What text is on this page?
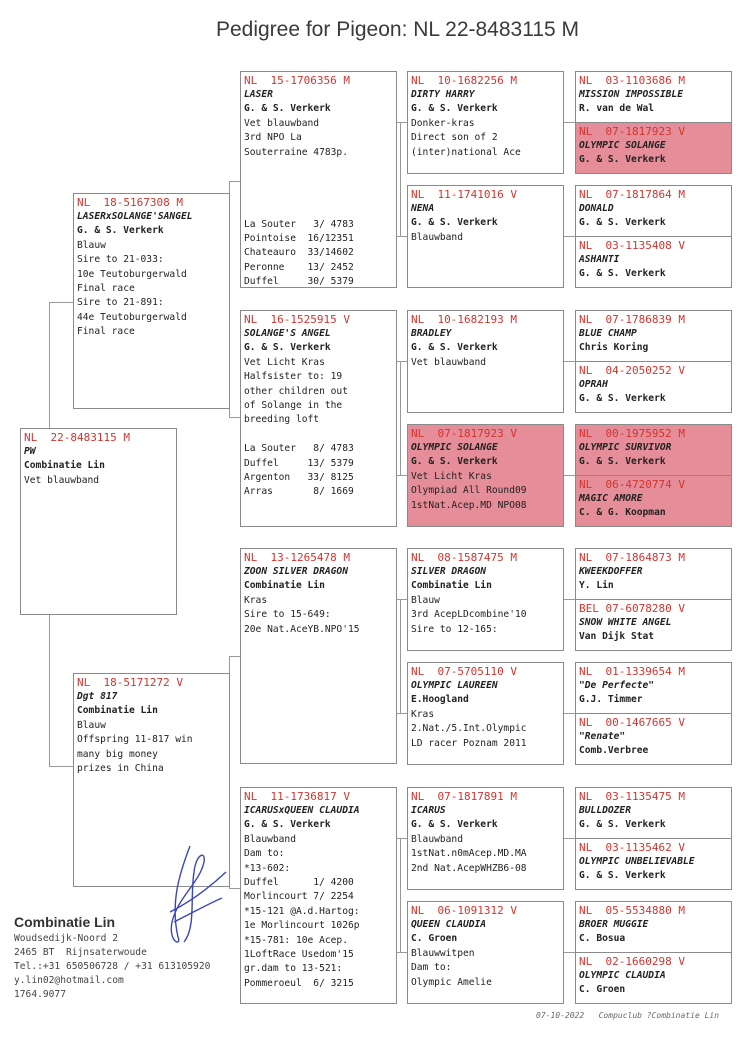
Pedigree for Pigeon: NL 22-8483115 M
NL  22-8483115 M
PW
Combinatie Lin
Vet blauwband
NL  18-5167308 M
LASERxSOLANGE'SANGEL
G. & S. Verkerk
Blauw
Sire to 21-033:
10e Teutoburgerwald
Final race
Sire to 21-891:
44e Teutoburgerwald
Final race
NL  18-5171272 V
Dgt 817
Combinatie Lin
Blauw
Offspring 11-817 win
many big money
prizes in China
NL  15-1706356 M
LASER
G. & S. Verkerk
Vet blauwband
3rd NPO La
Souterraine 4783p.
La Souter   3/ 4783
Pointoise  16/12351
Chateauro  33/14602
Peronne    13/ 2452
Duffel     30/ 5379
NL  16-1525915 V
SOLANGE'S ANGEL
G. & S. Verkerk
Vet Licht Kras
Halfsister to: 19
other children out
of Solange in the
breeding loft
La Souter   8/ 4783
Duffel     13/ 5379
Argenton   33/ 8125
Arras       8/ 1669
NL  13-1265478 M
ZOON SILVER DRAGON
Combinatie Lin
Kras
Sire to 15-649:
20e Nat.AceYB.NPO'15
NL  11-1736817 V
ICARUSxQUEEN CLAUDIA
G. & S. Verkerk
Blauwband
Dam to:
*13-602:
Duffel      1/ 4200
Morlincourt 7/ 2254
*15-121 @A.d.Hartog:
1e Morlincourt 1026p
*15-781: 10e Acep.
1LoftRace Usedom'15
gr.dam to 13-521:
Pommeroeul  6/ 3215
NL  10-1682256 M
DIRTY HARRY
G. & S. Verkerk
Donker-kras
Direct son of 2
(inter)national Ace
NL  11-1741016 V
NENA
G. & S. Verkerk
Blauwband
NL  10-1682193 M
BRADLEY
G. & S. Verkerk
Vet blauwband
NL  07-1817923 V
OLYMPIC SOLANGE
G. & S. Verkerk
Vet Licht Kras
Olympiad All Round09
1stNat.Acep.MD NPO08
NL  08-1587475 M
SILVER DRAGON
Combinatie Lin
Blauw
3rd AcepLDcombine'10
Sire to 12-165:
NL  07-5705110 V
OLYMPIC LAUREEN
E.Hoogland
Kras
2.Nat./5.Int.Olympic
LD racer Poznam 2011
NL  07-1817891 M
ICARUS
G. & S. Verkerk
Blauwband
1stNat.n0mAcep.MD.MA
2nd Nat.AcepWHZB6-08
NL  06-1091312 V
QUEEN CLAUDIA
C. Groen
Blauwwitpen
Dam to:
Olympic Amelie
NL  03-1103686 M
MISSION IMPOSSIBLE
R. van de Wal
NL  07-1817923 V
OLYMPIC SOLANGE
G. & S. Verkerk
NL  07-1817864 M
DONALD
G. & S. Verkerk
NL  03-1135408 V
ASHANTI
G. & S. Verkerk
NL  07-1786839 M
BLUE CHAMP
Chris Koring
NL  04-2050252 V
OPRAH
G. & S. Verkerk
NL  00-1975952 M
OLYMPIC SURVIVOR
G. & S. Verkerk
NL  06-4720774 V
MAGIC AMORE
C. & G. Koopman
NL  07-1864873 M
KWEEKDOFFER
Y. Lin
BEL 07-6078280 V
SNOW WHITE ANGEL
Van Dijk Stat
NL  01-1339654 M
"De Perfecte"
G.J. Timmer
NL  00-1467665 V
"Renate"
Comb.Verbree
NL  03-1135475 M
BULLDOZER
G. & S. Verkerk
NL  03-1135462 V
OLYMPIC UNBELIEVABLE
G. & S. Verkerk
NL  05-5534880 M
BROER MUGGIE
C. Bosua
NL  02-1660298 V
OLYMPIC CLAUDIA
C. Groen
Combinatie Lin
Woudsedijk-Noord 2
2465 BT  Rijnsaterwoude
Tel.:+31 650506728 / +31 613105920
y.lin02@hotmail.com
1764.9077
07-10-2022   Compuclub ?Combinatie Lin
